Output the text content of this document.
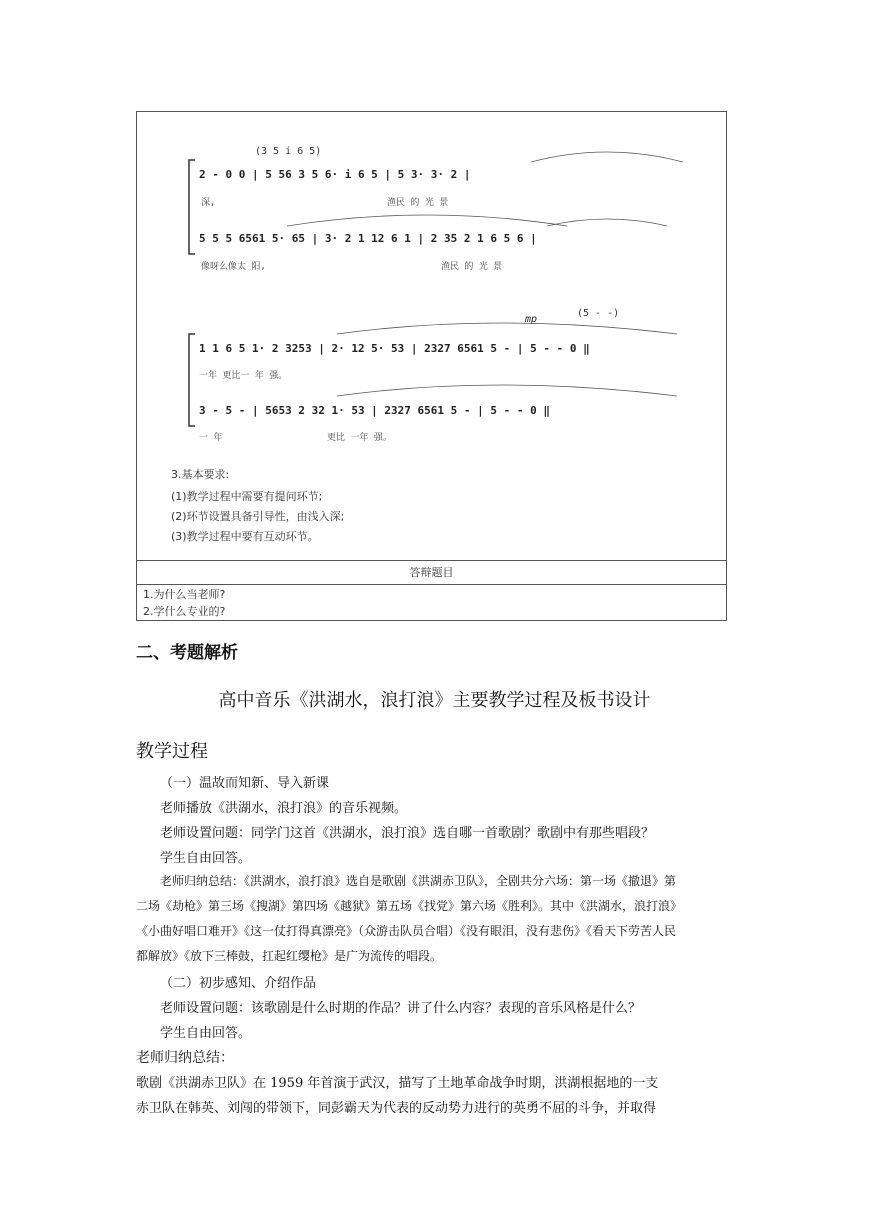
(3 5 i 6 5)
2 - 0 0 | 5 56 3 5 6· i 6 5 | 5 3· 3· 2 |
深,	渔民 的 光 景
5 5 5 6561 5· 65 | 3· 2 1 12 6 1 | 2 35 2 1 6 5 6 |
像呀么像太 阳,	渔民 的 光 景
mp
(5 - -)
1 1 6 5 1· 2 3253 | 2· 12 5· 53 | 2327 6561 5 - | 5 - - 0 ‖
一年 更比一 年 强。
3 - 5 - | 5653 2 32 1· 53 | 2327 6561 5 - | 5 - - 0 ‖
一 年	更比 一年 强。
3.基本要求:
(1)教学过程中需要有提问环节;
(2)环节设置具备引导性，由浅入深;
(3)教学过程中要有互动环节。
答辩题目
1.为什么当老师?
2.学什么专业的?
二、考题解析
高中音乐《洪湖水，浪打浪》主要教学过程及板书设计
教学过程
（一）温故而知新、导入新课
老师播放《洪湖水，浪打浪》的音乐视频。
老师设置问题：同学门这首《洪湖水，浪打浪》选自哪一首歌剧？歌剧中有那些唱段？
学生自由回答。
老师归纳总结：《洪湖水，浪打浪》选自是歌剧《洪湖赤卫队》，全剧共分六场：第一场《撤退》第
二场《劫枪》第三场《搜湖》第四场《越狱》第五场《找党》第六场《胜利》。其中《洪湖水，浪打浪》
《小曲好唱口难开》《这一仗打得真漂亮》（众游击队员合唱）《没有眼泪，没有悲伤》《看天下劳苦人民
都解放》《放下三棒鼓，扛起红缨枪》是广为流传的唱段。
（二）初步感知、介绍作品
老师设置问题：该歌剧是什么时期的作品？讲了什么内容？表现的音乐风格是什么？
学生自由回答。
老师归纳总结：
歌剧《洪湖赤卫队》在 1959 年首演于武汉，描写了土地革命战争时期，洪湖根据地的一支
赤卫队在韩英、刘闯的带领下，同彭霸天为代表的反动势力进行的英勇不屈的斗争，并取得
